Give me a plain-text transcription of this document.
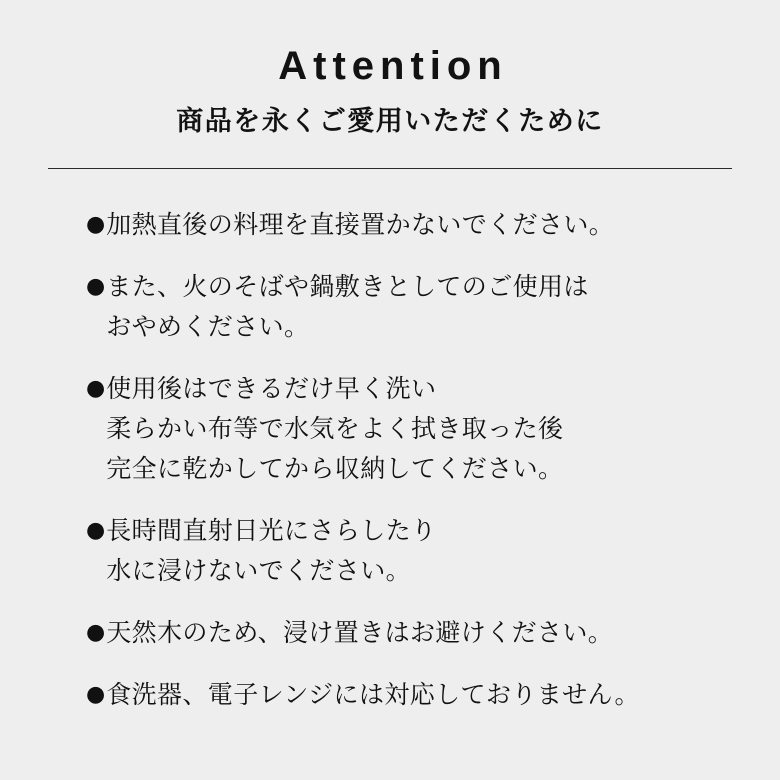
Attention
商品を永くご愛用いただくために
● 加熱直後の料理を直接置かないでください。
● また、火のそばや鍋敷きとしてのご使用は
おやめください。
● 使用後はできるだけ早く洗い
柔らかい布等で水気をよく拭き取った後
完全に乾かしてから収納してください。
● 長時間直射日光にさらしたり
水に浸けないでください。
● 天然木のため、浸け置きはお避けください。
● 食洗器、電子レンジには対応しておりません。
